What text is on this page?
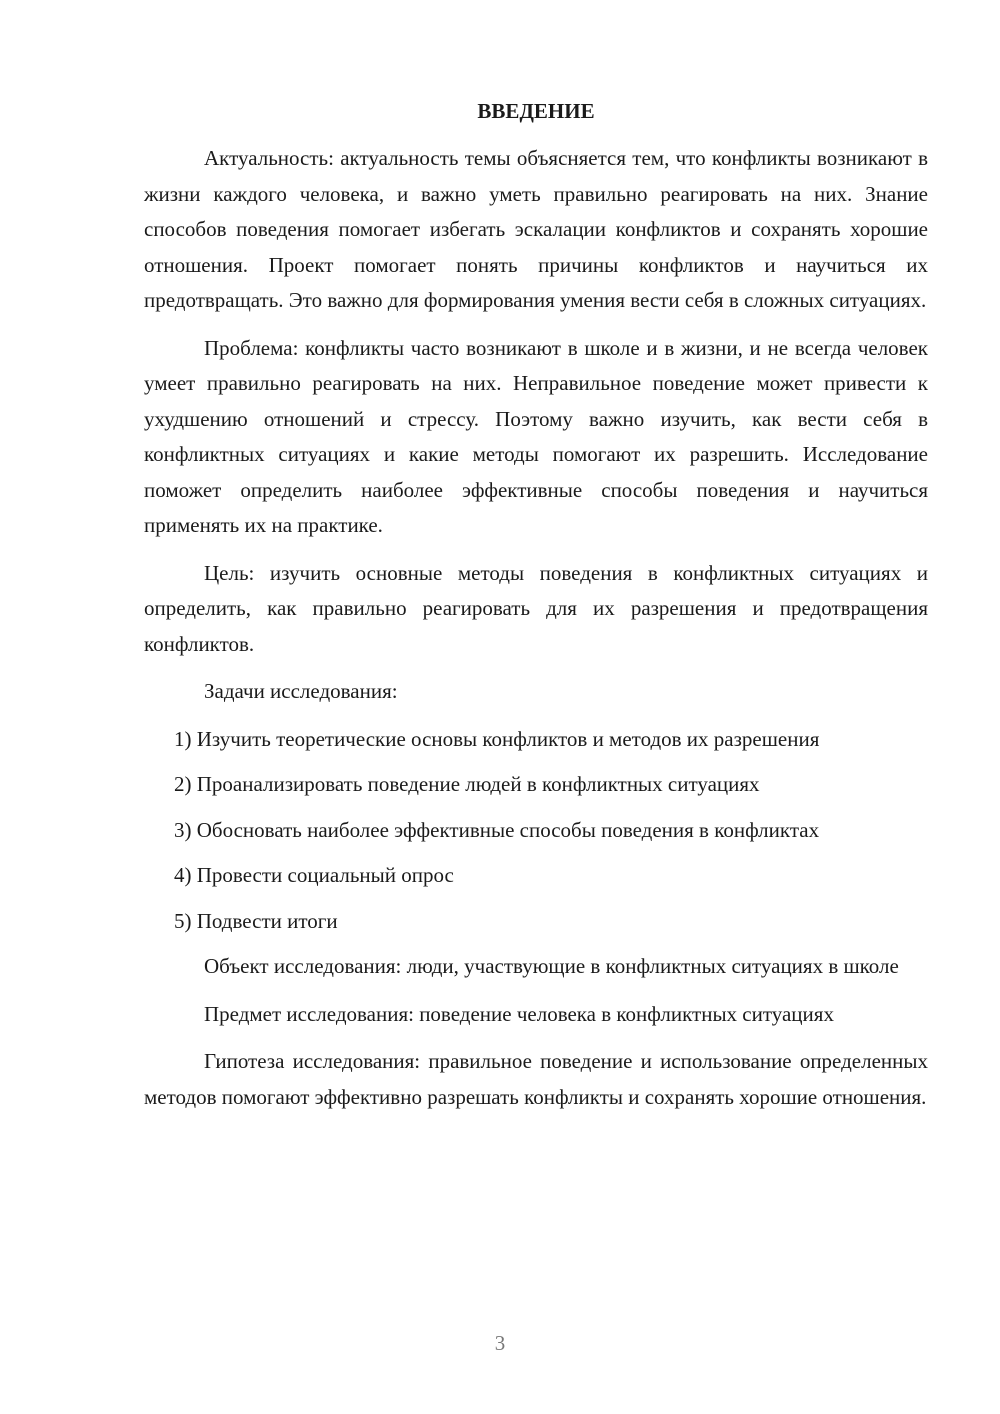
ВВЕДЕНИЕ

Актуальность: актуальность темы объясняется тем, что конфликты возникают в жизни каждого человека, и важно уметь правильно реагировать на них. Знание способов поведения помогает избегать эскалации конфликтов и сохранять хорошие отношения. Проект помогает понять причины конфликтов и научиться их предотвращать. Это важно для формирования умения вести себя в сложных ситуациях.

Проблема: конфликты часто возникают в школе и в жизни, и не всегда человек умеет правильно реагировать на них. Неправильное поведение может привести к ухудшению отношений и стрессу. Поэтому важно изучить, как вести себя в конфликтных ситуациях и какие методы помогают их разрешить. Исследование поможет определить наиболее эффективные способы поведения и научиться применять их на практике.

Цель: изучить основные методы поведения в конфликтных ситуациях и определить, как правильно реагировать для их разрешения и предотвращения конфликтов.

Задачи исследования:

1) Изучить теоретические основы конфликтов и методов их разрешения

2) Проанализировать поведение людей в конфликтных ситуациях

3) Обосновать наиболее эффективные способы поведения в конфликтах

4) Провести социальный опрос

5) Подвести итоги

Объект исследования: люди, участвующие в конфликтных ситуациях в школе

Предмет исследования: поведение человека в конфликтных ситуациях

Гипотеза исследования: правильное поведение и использование определенных методов помогают эффективно разрешать конфликты и сохранять хорошие отношения.

3
